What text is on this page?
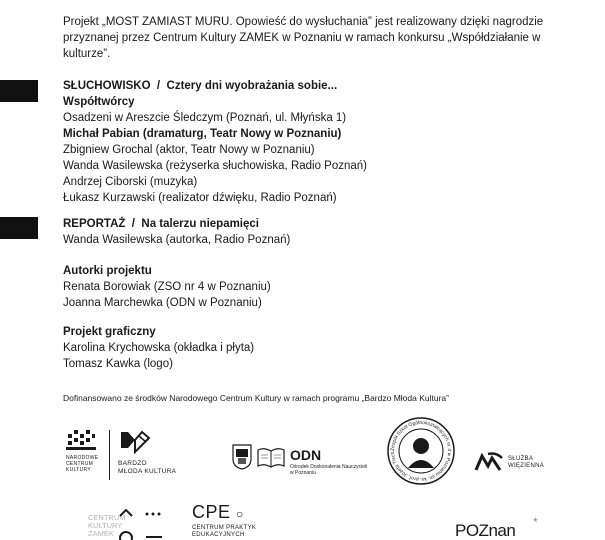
Projekt „MOST ZAMIAST MURU. Opowieść do wysłuchania” jest realizowany dzięki nagrodzie przyznanej przez Centrum Kultury ZAMEK w Poznaniu w ramach konkursu „Współdziałanie w kulturze”.

SŁUCHOWISKO / Cztery dni wyobrażania sobie...
Współtwórcy
Osadzeni w Areszcie Śledczym (Poznań, ul. Młyńska 1)
Michał Pabian (dramaturg, Teatr Nowy w Poznaniu)
Zbigniew Grochal (aktor, Teatr Nowy w Poznaniu)
Wanda Wasilewska (reżyserka słuchowiska, Radio Poznań)
Andrzej Ciborski (muzyka)
Łukasz Kurzawski (realizator dźwięku, Radio Poznań)
REPORTAŻ / Na talerzu niepamięci
Wanda Wasilewska (autorka, Radio Poznań)
Autorki projektu
Renata Borowiak (ZSO nr 4 w Poznaniu)
Joanna Marchewka (ODN w Poznaniu)
Projekt graficzny
Karolina Krychowska (okładka i płyta)
Tomasz Kawka (logo)
Dofinansowano ze środków Narodowego Centrum Kultury w ramach programu „Bardzo Młoda Kultura”
NARODOWE
CENTRUM
KULTURY
BARDZO
MŁODA KULTURA
ODN
Ośrodek Doskonalenia Nauczycieli
w Poznaniu
Zespół Szkół Ogólnokształcących nr 4 w Poznaniu im. ks. prof. Józefa Tisch
SŁUŻBA
WIĘZIENNA
CENTRUM
KULTURY
ZAMEK
CPE ○
CENTRUM PRAKTYK
EDUKACYJNYCH	POZnan *
